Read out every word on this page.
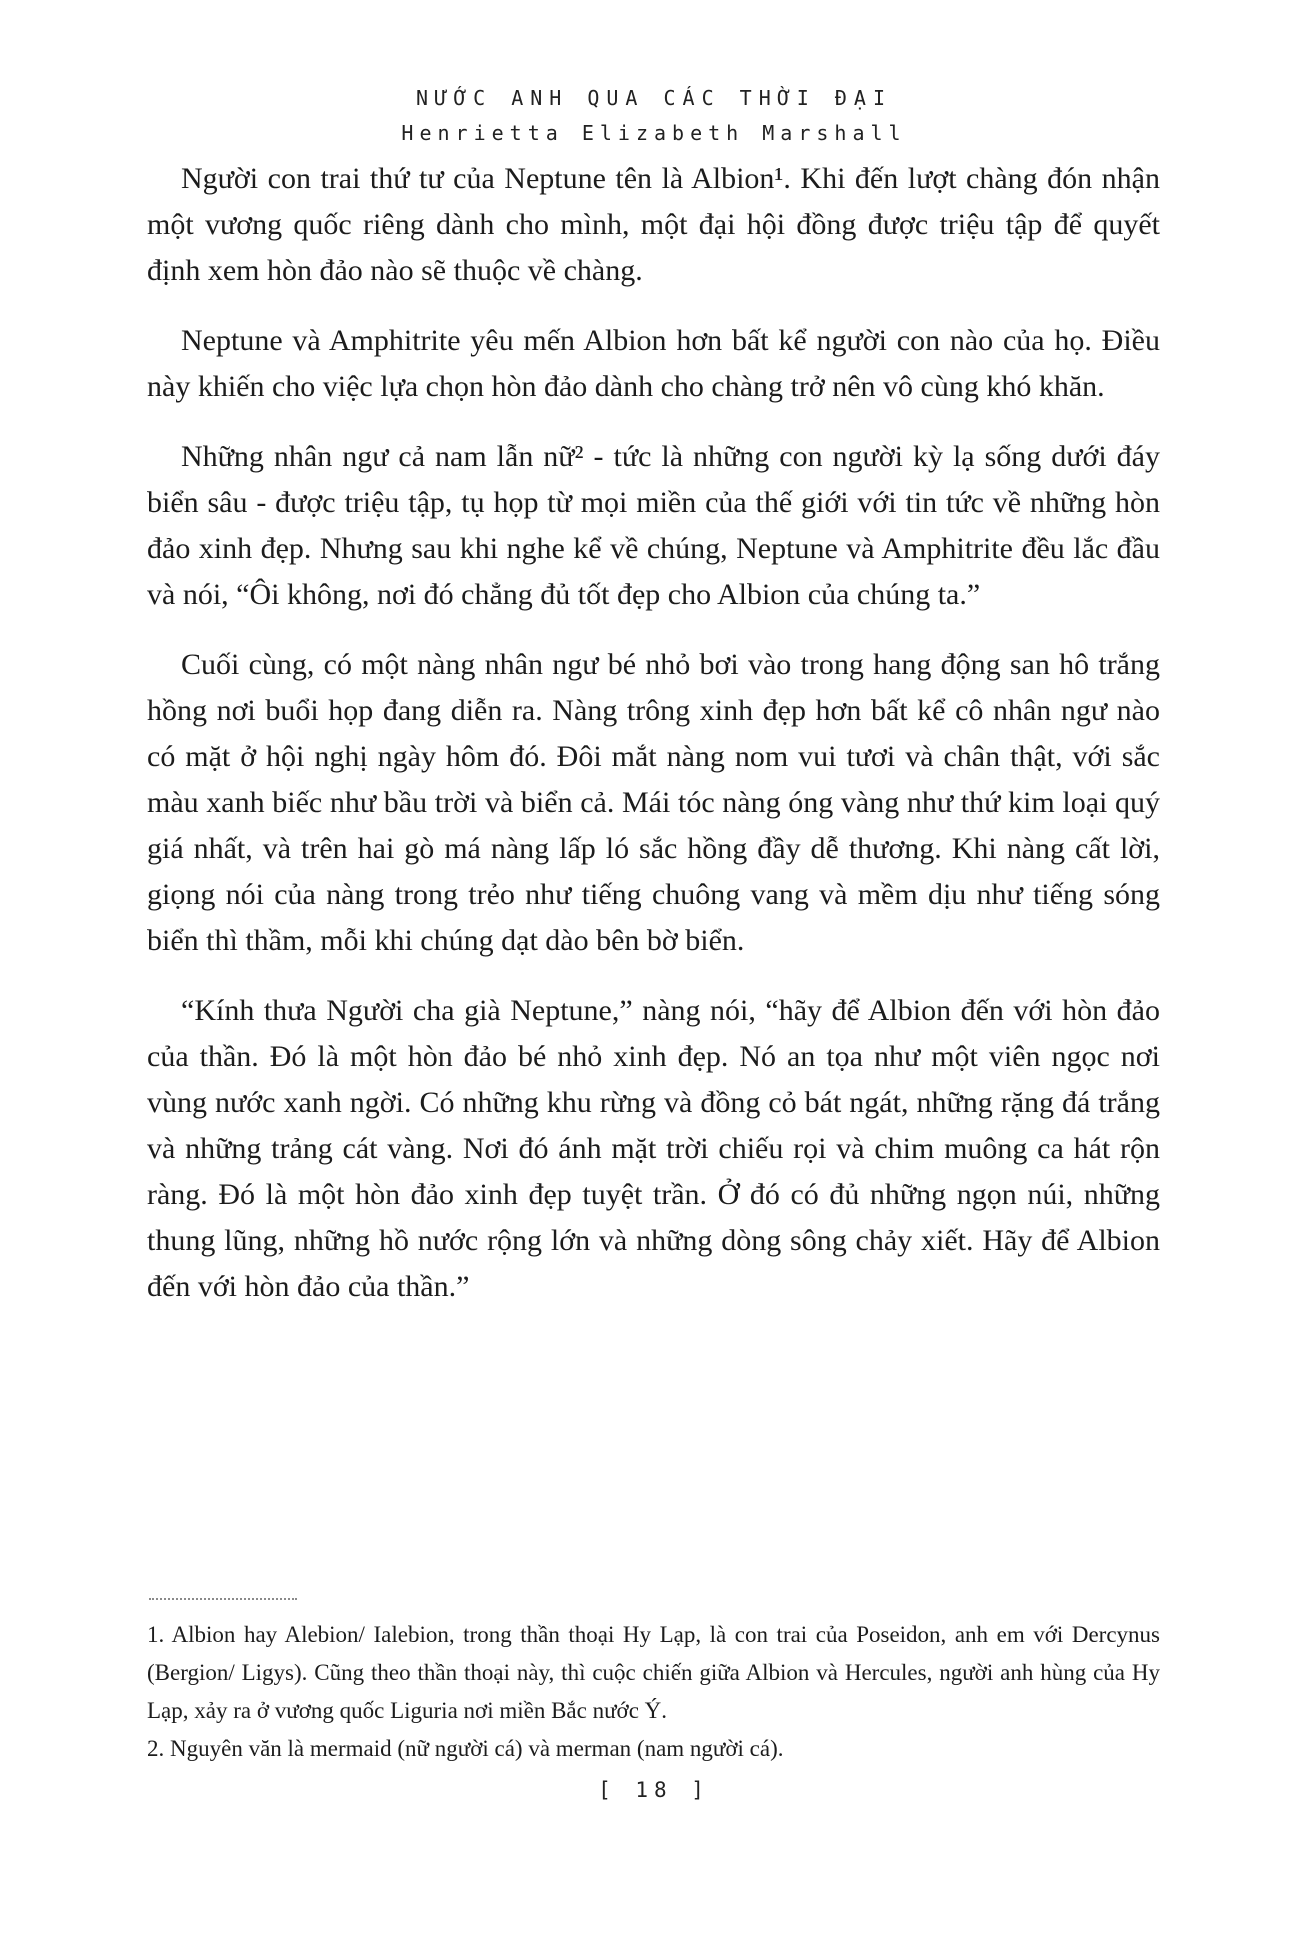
NƯỚC ANH QUA CÁC THỜI ĐẠI
Henrietta Elizabeth Marshall

Người con trai thứ tư của Neptune tên là Albion¹. Khi đến lượt chàng đón nhận một vương quốc riêng dành cho mình, một đại hội đồng được triệu tập để quyết định xem hòn đảo nào sẽ thuộc về chàng.

Neptune và Amphitrite yêu mến Albion hơn bất kể người con nào của họ. Điều này khiến cho việc lựa chọn hòn đảo dành cho chàng trở nên vô cùng khó khăn.

Những nhân ngư cả nam lẫn nữ² - tức là những con người kỳ lạ sống dưới đáy biển sâu - được triệu tập, tụ họp từ mọi miền của thế giới với tin tức về những hòn đảo xinh đẹp. Nhưng sau khi nghe kể về chúng, Neptune và Amphitrite đều lắc đầu và nói, “Ôi không, nơi đó chẳng đủ tốt đẹp cho Albion của chúng ta.”

Cuối cùng, có một nàng nhân ngư bé nhỏ bơi vào trong hang động san hô trắng hồng nơi buổi họp đang diễn ra. Nàng trông xinh đẹp hơn bất kể cô nhân ngư nào có mặt ở hội nghị ngày hôm đó. Đôi mắt nàng nom vui tươi và chân thật, với sắc màu xanh biếc như bầu trời và biển cả. Mái tóc nàng óng vàng như thứ kim loại quý giá nhất, và trên hai gò má nàng lấp ló sắc hồng đầy dễ thương. Khi nàng cất lời, giọng nói của nàng trong trẻo như tiếng chuông vang và mềm dịu như tiếng sóng biển thì thầm, mỗi khi chúng dạt dào bên bờ biển.

“Kính thưa Người cha già Neptune,” nàng nói, “hãy để Albion đến với hòn đảo của thần. Đó là một hòn đảo bé nhỏ xinh đẹp. Nó an tọa như một viên ngọc nơi vùng nước xanh ngời. Có những khu rừng và đồng cỏ bát ngát, những rặng đá trắng và những trảng cát vàng. Nơi đó ánh mặt trời chiếu rọi và chim muông ca hát rộn ràng. Đó là một hòn đảo xinh đẹp tuyệt trần. Ở đó có đủ những ngọn núi, những thung lũng, những hồ nước rộng lớn và những dòng sông chảy xiết. Hãy để Albion đến với hòn đảo của thần.”

1. Albion hay Alebion/ Ialebion, trong thần thoại Hy Lạp, là con trai của Poseidon, anh em với Dercynus (Bergion/ Ligys). Cũng theo thần thoại này, thì cuộc chiến giữa Albion và Hercules, người anh hùng của Hy Lạp, xảy ra ở vương quốc Liguria nơi miền Bắc nước Ý.

2. Nguyên văn là mermaid (nữ người cá) và merman (nam người cá).

[ 18 ]
